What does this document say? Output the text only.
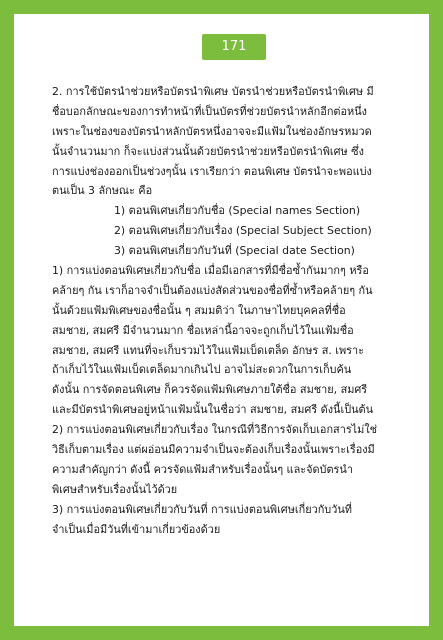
171
2. การใช้บัตรนำช่วยหรือบัตรนำพิเศษ บัตรนำช่วยหรือบัตรนำพิเศษ มี
ชื่อบอกลักษณะของการทำหน้าที่เป็นบัตรที่ช่วยบัตรนำหลักอีกต่อหนึ่ง
เพราะในช่องของบัตรนำหลักบัตรหนึ่งอาจจะมีแฟ้มในช่องอักษรหมวด
นั้นจำนวนมาก ก็จะแบ่งส่วนนั้นด้วยบัตรนำช่วยหรือบัตรนำพิเศษ ซึ่ง
การแบ่งช่องออกเป็นช่วงๆนั้น เราเรียกว่า ตอนพิเศษ บัตรนำจะพอแบ่ง
ตนเป็น 3 ลักษณะ คือ
1) ตอนพิเศษเกี่ยวกับชื่อ (Special names Section)
2) ตอนพิเศษเกี่ยวกับเรื่อง (Special Subject Section)
3) ตอนพิเศษเกี่ยวกับวันที่ (Special date Section)
1) การแบ่งตอนพิเศษเกี่ยวกับชื่อ เมื่อมีเอกสารที่มีชื่อซ้ำกันมากๆ หรือ
คล้ายๆ กัน เราก็อาจจำเป็นต้องแบ่งสัดส่วนของชื่อที่ซ้ำหรือคล้ายๆ กัน
นั้นด้วยแฟ้มพิเศษของชื่อนั้น ๆ สมมติว่า ในภาษาไทยบุคคลที่ชื่อ
สมชาย, สมศรี มีจำนวนมาก ชื่อเหล่านี้อาจจะถูกเก็บไว้ในแฟ้มชื่อ
สมชาย, สมศรี แทนที่จะเก็บรวมไว้ในแฟ้มเบ็ดเตล็ด อักษร ส. เพราะ
ถ้าเก็บไว้ในแฟ้มเบ็ดเตล็ดมากเกินไป อาจไม่สะดวกในการเก็บค้น
ดังนั้น การจัดตอนพิเศษ ก็ควรจัดแฟ้มพิเศษภายใต้ชื่อ สมชาย, สมศรี
และมีบัตรนำพิเศษอยู่หน้าแฟ้มนั้นในชื่อว่า สมชาย, สมศรี ดังนี้เป็นต้น
2) การแบ่งตอนพิเศษเกี่ยวกับเรื่อง ในกรณีที่วิธีการจัดเก็บเอกสารไม่ใช่
วิธีเก็บตามเรื่อง แต่ผอ่อนมีความจำเป็นจะต้องเก็บเรื่องนั้นเพราะเรื่องมี
ความสำคัญกว่า ดังนี้ ควรจัดแฟ้มสำหรับเรื่องนั้นๆ และจัดบัตรนำ
พิเศษสำหรับเรื่องนั้นไว้ด้วย
3) การแบ่งตอนพิเศษเกี่ยวกับวันที่ การแบ่งตอนพิเศษเกี่ยวกับวันที่
จำเป็นเมื่อมีวันที่เข้ามาเกี่ยวข้องด้วย
